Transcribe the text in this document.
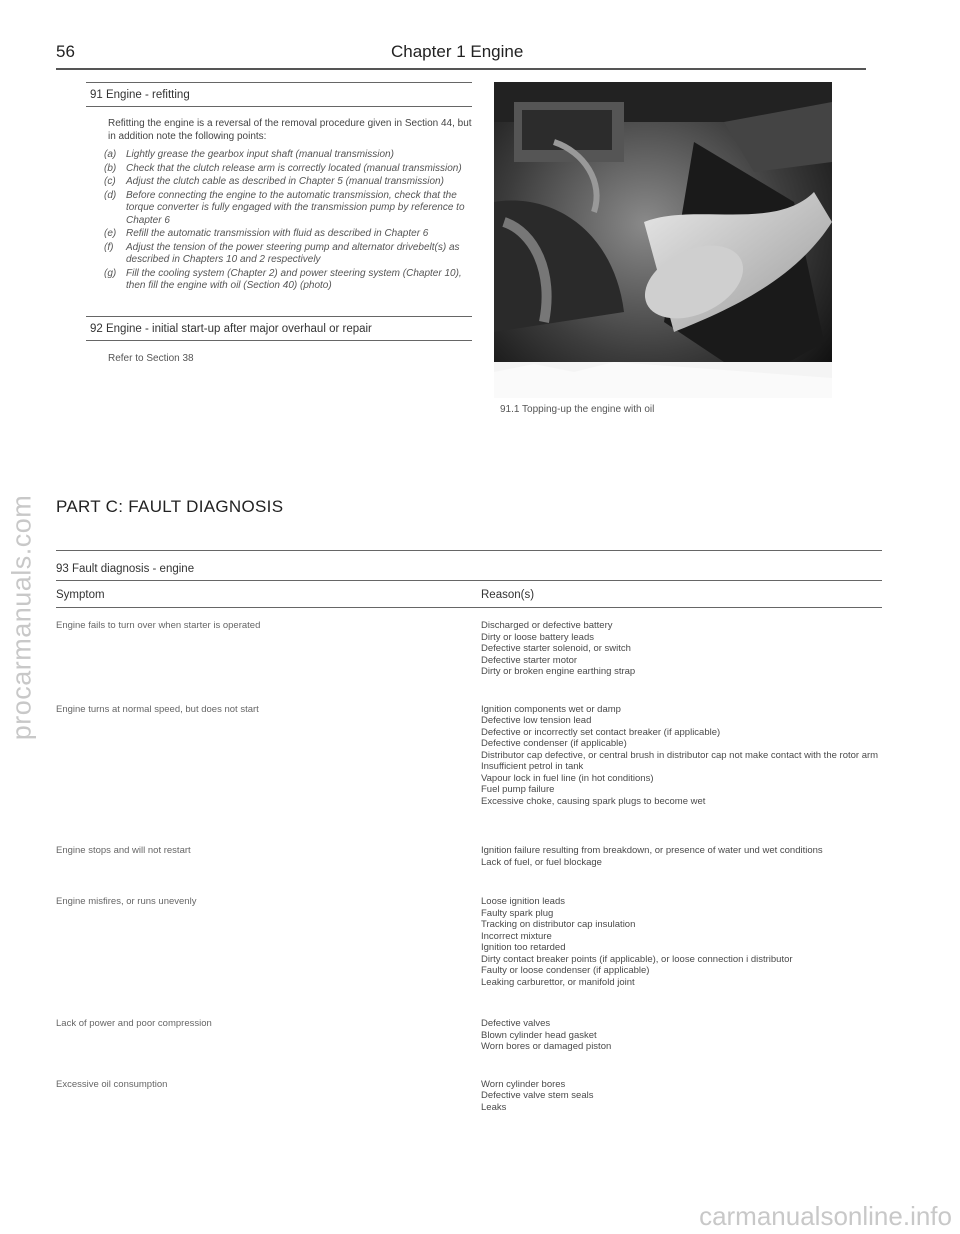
procarmanuals.com
carmanualsonline.info
56	Chapter 1 Engine
91 Engine - refitting

Refitting the engine is a reversal of the removal procedure given in Section 44, but in addition note the following points:

(a) Lightly grease the gearbox input shaft (manual transmission)
(b) Check that the clutch release arm is correctly located (manual transmission)
(c)	Adjust the clutch cable as described in Chapter 5 (manual transmission)
(d) Before connecting the engine to the automatic transmission, check that the torque converter is fully engaged with the transmission pump by reference to Chapter 6
(e) Refill the automatic transmission with fluid as described in Chapter 6
(f)	Adjust the tension of the power steering pump and alternator drivebelt(s) as described in Chapters 10 and 2 respectively
(g) Fill the cooling system (Chapter 2) and power steering system (Chapter 10), then fill the engine with oil (Section 40) (photo)
92 Engine - initial start-up after major overhaul or repair

Refer to Section 38

91.1 Topping-up the engine with oil
PART C: FAULT DIAGNOSIS
93 Fault diagnosis - engine
Symptom	Reason(s)
Engine fails to turn over when starter is operated	Discharged or defective battery
Dirty or loose battery leads
Defective starter solenoid, or switch
Defective starter motor
Dirty or broken engine earthing strap
Engine turns at normal speed, but does not start	Ignition components wet or damp
Defective low tension lead
Defective or incorrectly set contact breaker (if applicable)
Defective condenser (if applicable)
Distributor cap defective, or central brush in distributor cap not make contact with the rotor arm
Insufficient petrol in tank
Vapour lock in fuel line (in hot conditions)
Fuel pump failure
Excessive choke, causing spark plugs to become wet
Engine stops and will not restart	Ignition failure resulting from breakdown, or presence of water und wet conditions
Lack of fuel, or fuel blockage
Engine misfires, or runs unevenly	Loose ignition leads
Faulty spark plug
Tracking on distributor cap insulation
Incorrect mixture
Ignition too retarded
Dirty contact breaker points (if applicable), or loose connection i distributor
Faulty or loose condenser (if applicable)
Leaking carburettor, or manifold joint
Lack of power and poor compression	Defective valves
Blown cylinder head gasket
Worn bores or damaged piston
Excessive oil consumption	Worn cylinder bores
Defective valve stem seals
Leaks
